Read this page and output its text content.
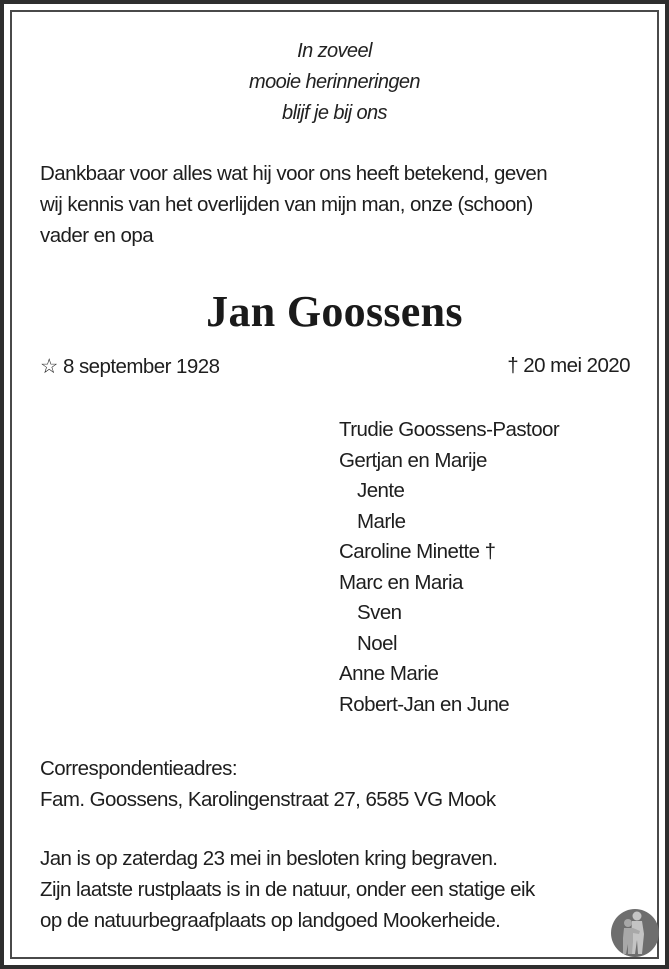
In zoveel
mooie herinneringen
blijf je bij ons
Dankbaar voor alles wat hij voor ons heeft betekend, geven
wij kennis van het overlijden van mijn man, onze (schoon)
vader en opa
Jan Goossens
☆ 8 september 1928	† 20 mei 2020
Trudie Goossens-Pastoor
Gertjan en Marije
Jente
Marle
Caroline Minette †
Marc en Maria
Sven
Noel
Anne Marie
Robert-Jan en June
Correspondentieadres:
Fam. Goossens, Karolingenstraat 27, 6585 VG Mook
Jan is op zaterdag 23 mei in besloten kring begraven.
Zijn laatste rustplaats is in de natuur, onder een statige eik
op de natuurbegraafplaats op landgoed Mookerheide.
